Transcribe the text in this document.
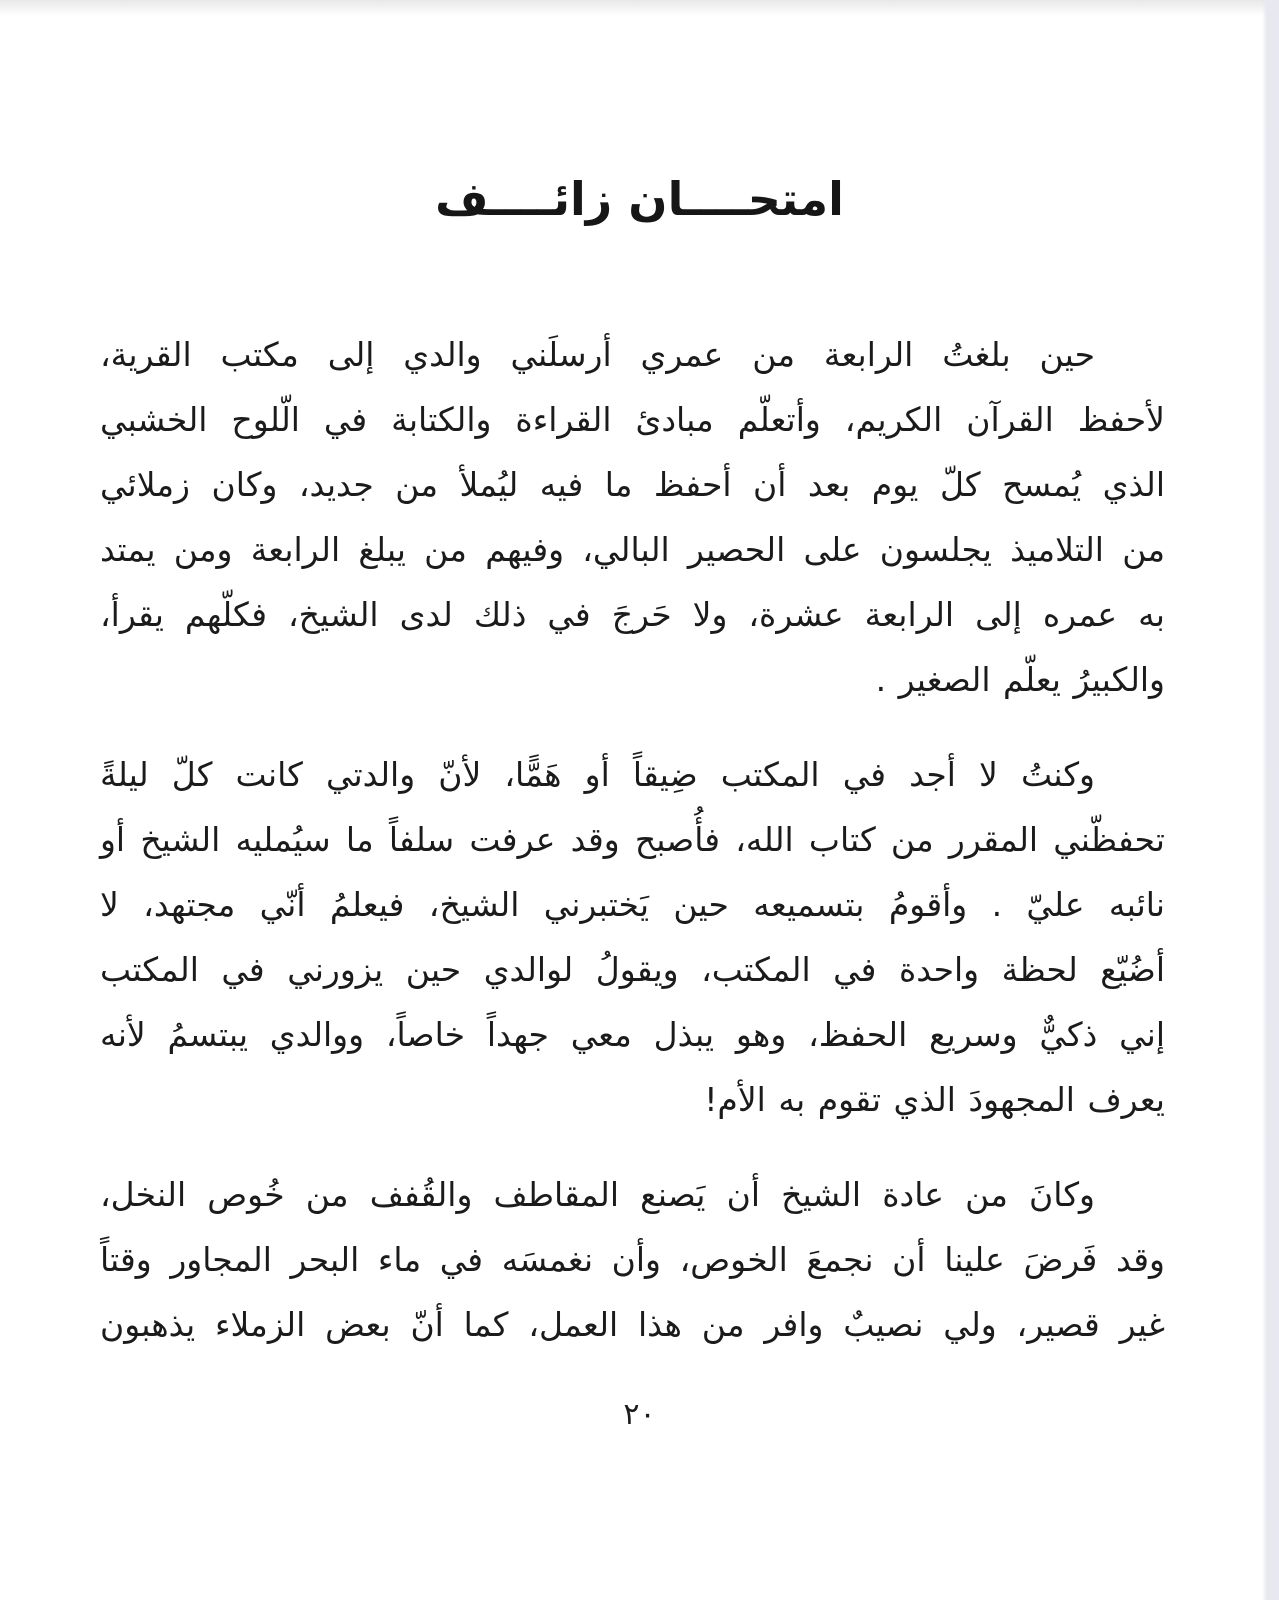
امتحــــان زائــــف
حين بلغتُ الرابعة من عمري أرسلَني والدي إلى مكتب القرية،
لأحفظ القرآن الكريم، وأتعلّم مبادئ القراءة والكتابة في الّلوح الخشبي
الذي يُمسح كلّ يوم بعد أن أحفظ ما فيه ليُملأ من جديد، وكان زملائي
من التلاميذ يجلسون على الحصير البالي، وفيهم من يبلغ الرابعة ومن يمتد
به عمره إلى الرابعة عشرة، ولا حَرجَ في ذلك لدى الشيخ، فكلّهم يقرأ،
والكبيرُ يعلّم الصغير .
وكنتُ لا أجد في المكتب ضِيقاً أو هَمًّا، لأنّ والدتي كانت كلّ ليلةً
تحفظّني المقرر من كتاب الله، فأُصبح وقد عرفت سلفاً ما سيُمليه الشيخ أو
نائبه عليّ . وأقومُ بتسميعه حين يَختبرني الشيخ، فيعلمُ أنّي مجتهد، لا
أضُيّع لحظة واحدة في المكتب، ويقولُ لوالدي حين يزورني في المكتب
إني ذكيٌّ وسريع الحفظ، وهو يبذل معي جهداً خاصاً، ووالدي يبتسمُ لأنه
يعرف المجهودَ الذي تقوم به الأم!
وكانَ من عادة الشيخ أن يَصنع المقاطف والقُفف من خُوص النخل،
وقد فَرضَ علينا أن نجمعَ الخوص، وأن نغمسَه في ماء البحر المجاور وقتاً
غير قصير، ولي نصيبٌ وافر من هذا العمل، كما أنّ بعض الزملاء يذهبون
٢٠
